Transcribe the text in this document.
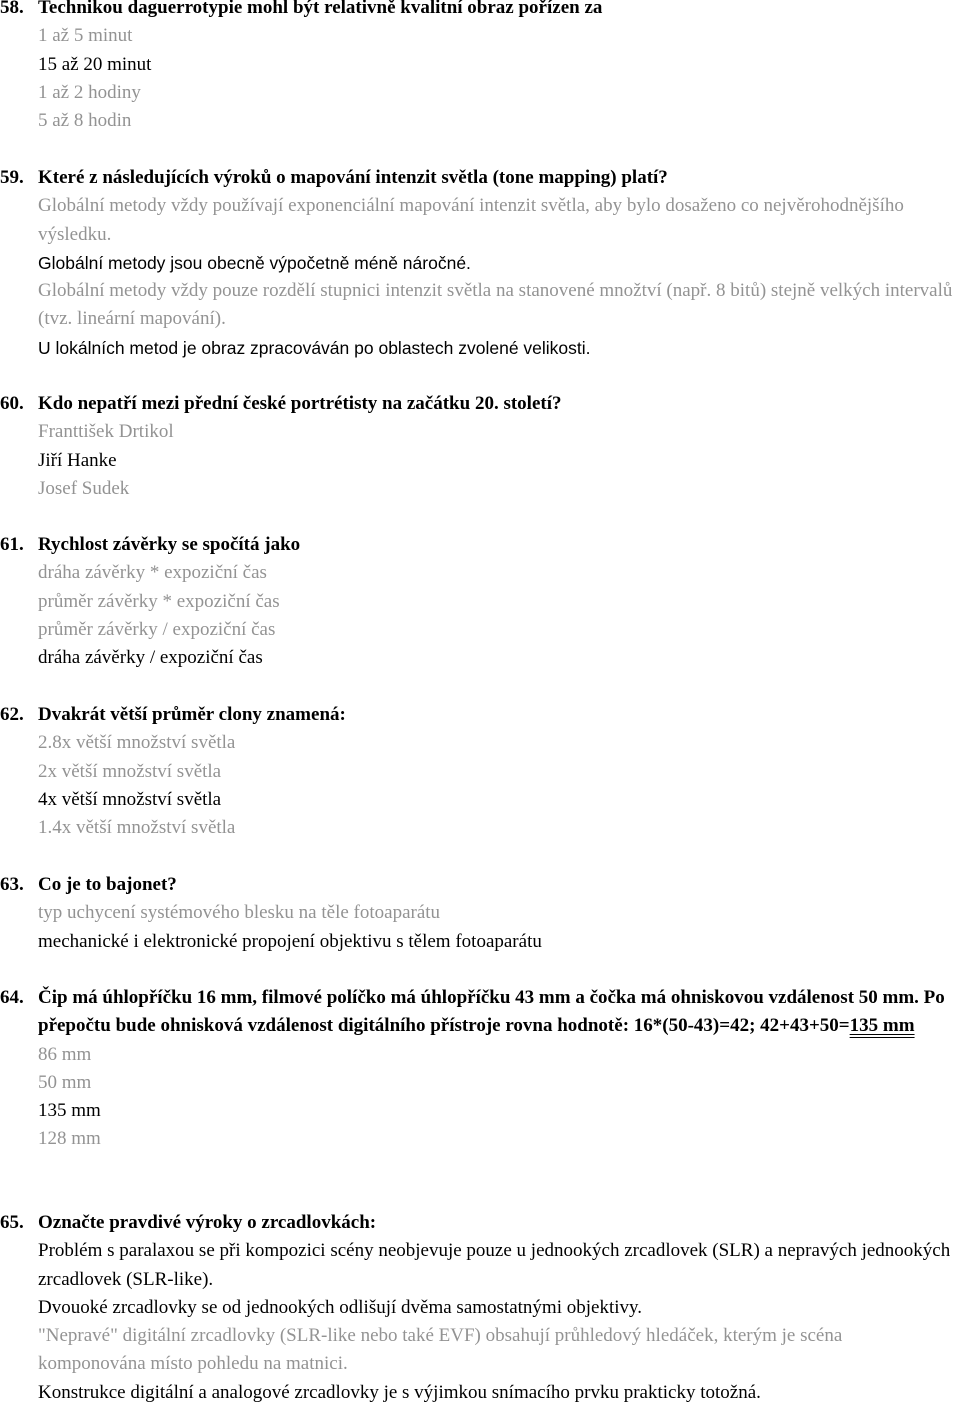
58. Technikou daguerrotypie mohl být relativně kvalitní obraz pořízen za
1 až 5 minut
15 až 20 minut
1 až 2 hodiny
5 až 8 hodin
59. Které z následujících výroků o mapování intenzit světla (tone mapping) platí?
Globální metody vždy používají exponenciální mapování intenzit světla, aby bylo dosaženo co nejvěrohodnějšího výsledku.
Globální metody jsou obecně výpočetně méně náročné.
Globální metody vždy pouze rozdělí stupnici intenzit světla na stanovené množtví (např. 8 bitů) stejně velkých intervalů (tvz. lineární mapování).
U lokálních metod je obraz zpracováván po oblastech zvolené velikosti.
60. Kdo nepatří mezi přední české portrétisty na začátku 20. století?
Franttišek Drtikol
Jiří Hanke
Josef Sudek
61. Rychlost závěrky se spočítá jako
dráha závěrky * expoziční čas
průměr závěrky * expoziční čas
průměr závěrky / expoziční čas
dráha závěrky / expoziční čas
62. Dvakrát větší průměr clony znamená:
2.8x větší množství světla
2x větší množství světla
4x větší množství světla
1.4x větší množství světla
63. Co je to bajonet?
typ uchycení systémového blesku na těle fotoaparátu
mechanické i elektronické propojení objektivu s tělem fotoaparátu
64. Čip má úhlopříčku 16 mm, filmové políčko má úhlopříčku 43 mm a čočka má ohniskovou vzdálenost 50 mm. Po přepočtu bude ohnisková vzdálenost digitálního přístroje rovna hodnotě: 16*(50-43)=42; 42+43+50=135 mm
86 mm
50 mm
135 mm
128 mm
65. Označte pravdivé výroky o zrcadlovkách:
Problém s paralaxou se při kompozici scény neobjevuje pouze u jednookých zrcadlovek (SLR) a nepravých jednookých zrcadlovek (SLR-like).
Dvouoké zrcadlovky se od jednookých odlišují dvěma samostatnými objektivy.
"Nepravé" digitální zrcadlovky (SLR-like nebo také EVF) obsahují průhledový hledáček, kterým je scéna komponována místo pohledu na matnici.
Konstrukce digitální a analogové zrcadlovky je s výjimkou snímacího prvku prakticky totožná.
